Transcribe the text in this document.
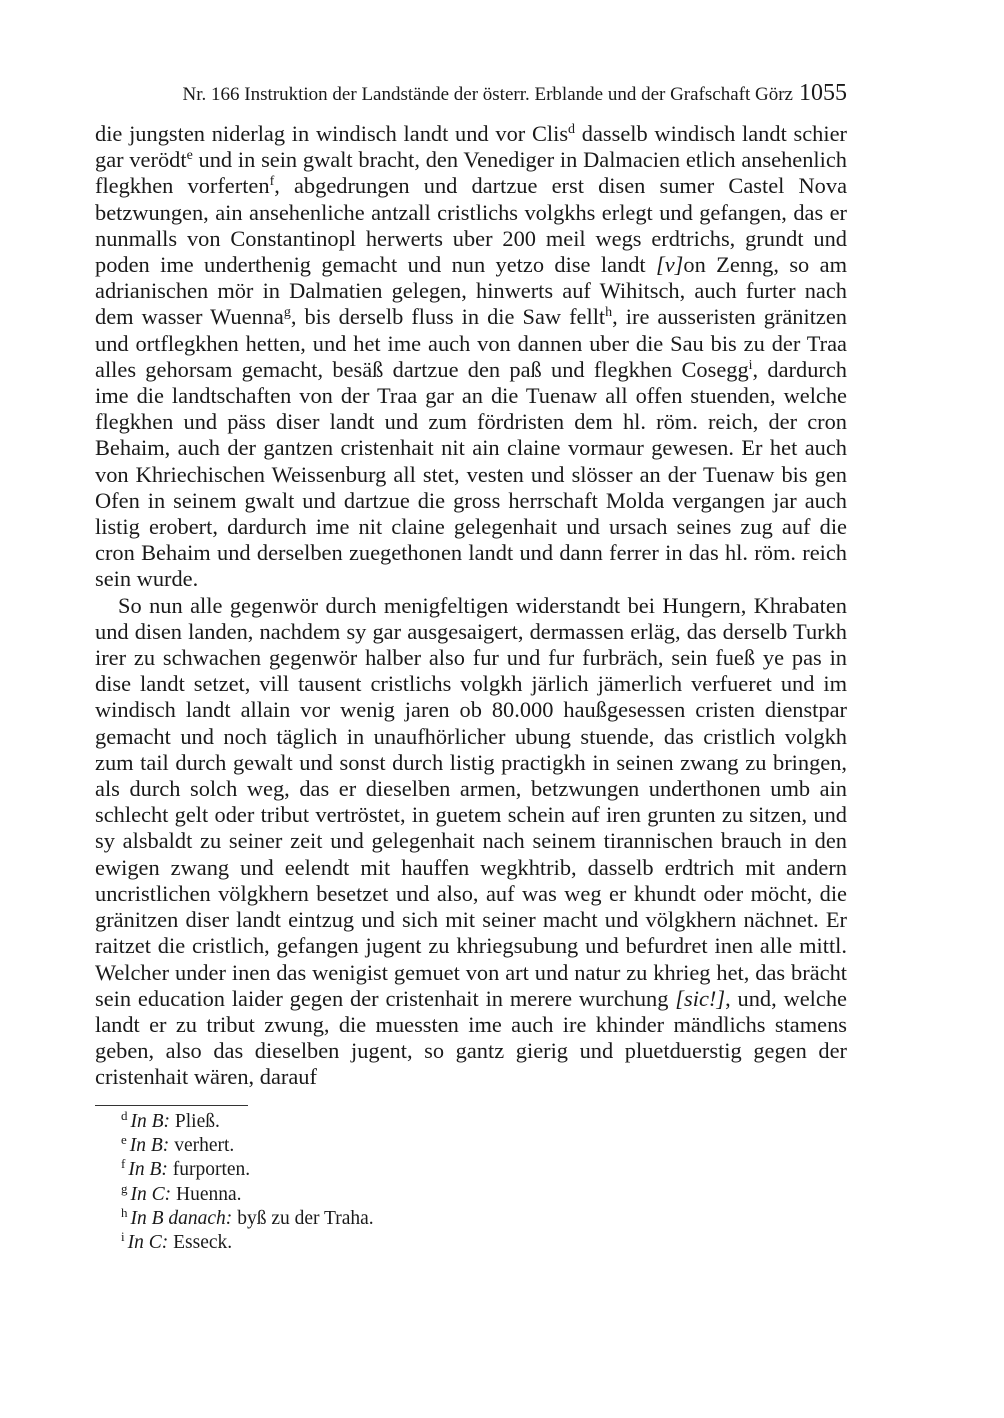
Nr. 166 Instruktion der Landstände der österr. Erblande und der Grafschaft Görz 1055

die jungsten niderlag in windisch landt und vor Clis$^d$ dasselb windisch landt schier gar verödt$^e$ und in sein gwalt bracht, den Venediger in Dalmacien etlich ansehenlich flegkhen vorferten$^f$, abgedrungen und dartzue erst disen sumer Castel Nova betzwungen, ain ansehenliche antzall cristlichs volgkhs erlegt und gefangen, das er nunmalls von Constantinopl herwerts uber 200 meil wegs erdtrichs, grundt und poden ime underthenig gemacht und nun yetzo dise landt [v]on Zenng, so am adrianischen mör in Dalmatien gelegen, hinwerts auf Wihitsch, auch furter nach dem wasser Wuenna$^g$, bis derselb fluss in die Saw fellt$^h$, ire ausseristen gränitzen und ortflegkhen hetten, und het ime auch von dannen uber die Sau bis zu der Traa alles gehorsam gemacht, besäß dartzue den paß und flegkhen Cosegg$^i$, dardurch ime die landtschaften von der Traa gar an die Tuenaw all offen stuenden, welche flegkhen und päss diser landt und zum fördristen dem hl. röm. reich, der cron Behaim, auch der gantzen cristenhait nit ain claine vormaur gewesen. Er het auch von Khriechischen Weissenburg all stet, vesten und slösser an der Tuenaw bis gen Ofen in seinem gwalt und dartzue die gross herrschaft Molda vergangen jar auch listig erobert, dardurch ime nit claine gelegenhait und ursach seines zug auf die cron Behaim und derselben zuegethonen landt und dann ferrer in das hl. röm. reich sein wurde.

So nun alle gegenwör durch menigfeltigen widerstandt bei Hungern, Khrabaten und disen landen, nachdem sy gar ausgesaigert, dermassen erläg, das derselb Turkh irer zu schwachen gegenwör halber also fur und fur furbräch, sein fueß ye pas in dise landt setzet, vill tausent cristlichs volgkh järlich jämerlich verfueret und im windisch landt allain vor wenig jaren ob 80.000 haußgesessen cristen dienstpar gemacht und noch täglich in unaufhörlicher ubung stuende, das cristlich volgkh zum tail durch gewalt und sonst durch listig practigkh in seinen zwang zu bringen, als durch solch weg, das er dieselben armen, betzwungen underthonen umb ain schlecht gelt oder tribut vertröstet, in guetem schein auf iren grunten zu sitzen, und sy alsbaldt zu seiner zeit und gelegenhait nach seinem tirannischen brauch in den ewigen zwang und eelendt mit hauffen wegkhtrib, dasselb erdtrich mit andern uncristlichen völgkhern besetzet und also, auf was weg er khundt oder möcht, die gränitzen diser landt eintzug und sich mit seiner macht und völgkhern nächnet. Er raitzet die cristlich, gefangen jugent zu khriegsubung und befurdret inen alle mittl. Welcher under inen das wenigist gemuet von art und natur zu khrieg het, das brächt sein education laider gegen der cristenhait in merere wurchung [sic!], und, welche landt er zu tribut zwung, die muessten ime auch ire khinder mändlichs stamens geben, also das dieselben jugent, so gantz gierig und pluetduerstig gegen der cristenhait wären, darauf

$^d$ In B: Pließ.
$^e$ In B: verhert.
$^f$ In B: furporten.
$^g$ In C: Huenna.
$^h$ In B danach: byß zu der Traha.
$^i$ In C: Esseck.
